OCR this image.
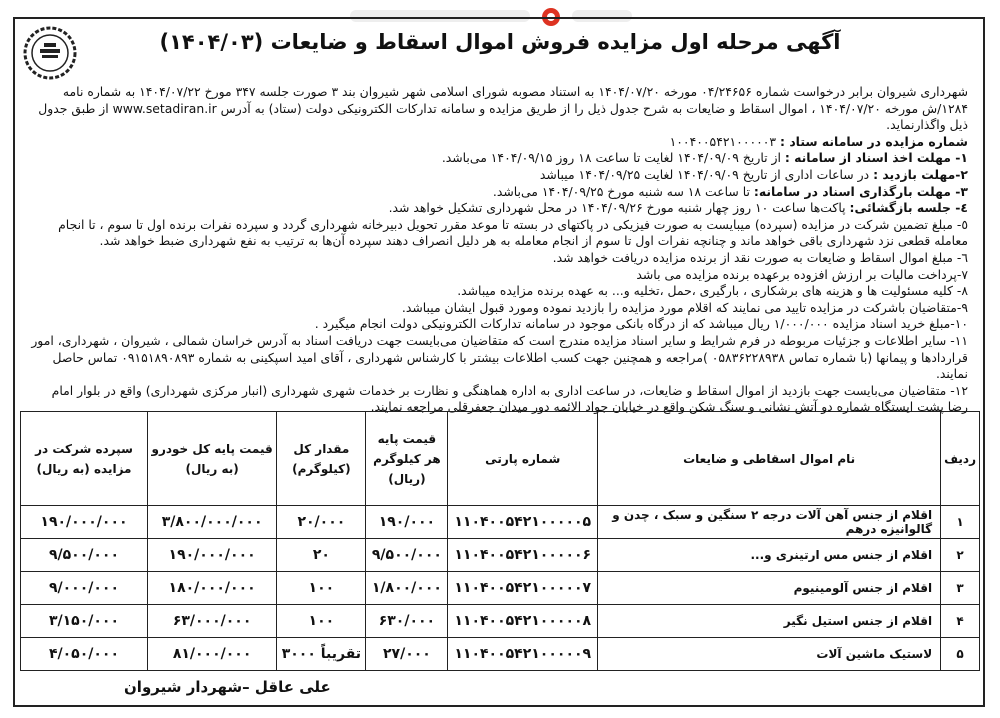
آگهی مرحله اول مزایده فروش اموال اسقاط و ضایعات (۱۴۰۴/۰۳)

شهرداری شیروان برابر درخواست شماره ۰۴/۲۴۶۵۶ مورخه ۱۴۰۴/۰۷/۲۰ به استناد مصوبه شورای اسلامی شهر شیروان بند ۳ صورت جلسه ۳۴۷ مورخ ۱۴۰۴/۰۷/۲۲ به شماره نامه ۱۲۸۴/ش مورخه ۱۴۰۴/۰۷/۲۰ ، اموال اسقاط و ضایعات به شرح جدول ذیل را از طریق مزایده و سامانه تدارکات الکترونیکی دولت (ستاد) به آدرس www.setadiran.ir از طبق جدول ذیل واگذارنماید.

شماره مزایده در سامانه ستاد : ۱۰۰۴۰۰۵۴۲۱۰۰۰۰۰۳

۱- مهلت اخذ اسناد از سامانه : از تاریخ ۱۴۰۴/۰۹/۰۹ لغایت تا ساعت ۱۸ روز ۱۴۰۴/۰۹/۱۵ می‌باشد.

۲-مهلت بازدید : در ساعات اداری از تاریخ ۱۴۰۴/۰۹/۰۹ لغایت ۱۴۰۴/۰۹/۲۵ میباشد

۳- مهلت بارگذاری اسناد در سامانه: تا ساعت ۱۸ سه شنبه مورخ ۱۴۰۴/۰۹/۲۵ می‌باشد.

٤- جلسه بازگشائی: پاکت‌ها ساعت ۱۰ روز چهار شنبه مورخ ۱۴۰۴/۰۹/۲۶ در محل شهرداری تشکیل خواهد شد.

٥- مبلغ تضمین شرکت در مزایده (سپرده) میبایست به صورت فیزیکی در پاکتهای در بسته تا موعد مقرر تحویل دبیرخانه شهرداری گردد و سپرده نفرات برنده اول تا سوم ، تا انجام معامله قطعی نزد شهرداری باقی خواهد ماند و چنانچه نفرات اول تا سوم از انجام معامله به هر دلیل انصراف دهند سپرده آن‌ها به ترتیب به نفع شهرداری ضبط خواهد شد.

٦- مبلغ اموال اسقاط و ضایعات به صورت نقد از برنده مزایده دریافت خواهد شد.

٧-پرداخت مالیات بر ارزش افزوده برعهده برنده مزایده می باشد

٨- کلیه مسئولیت ها و هزینه های برشکاری ، بارگیری ،حمل ،تخلیه و... به عهده برنده مزایده میباشد.

٩-متقاضیان باشرکت در مزایده تایید می نمایند که اقلام مورد مزایده را بازدید نموده ومورد قبول ایشان میباشد.

١٠-مبلغ خرید اسناد مزایده ۱/۰۰۰/۰۰۰ ریال میباشد که از درگاه بانکی موجود در سامانه تدارکات الکترونیکی دولت انجام میگیرد .

١١- سایر اطلاعات و جزئیات مربوطه در فرم شرایط و سایر اسناد مزایده مندرج است که متقاضیان می‌بایست جهت دریافت اسناد به آدرس خراسان شمالی ، شیروان ، شهرداری، امور قراردادها و پیمانها (با شماره تماس ۰۵۸۳۶۲۲۸۹۳۸ )مراجعه و همچنین جهت کسب اطلاعات بیشتر با کارشناس شهرداری ، آقای امید اسپکینی به شماره ۰۹۱۵۱۸۹۰۸۹۳ تماس حاصل نمایند.

١٢- متقاضیان می‌بایست جهت بازدید از اموال اسقاط و ضایعات، در ساعت اداری به اداره هماهنگی و نظارت بر خدمات شهری شهرداری (انبار مرکزی شهرداری) واقع در بلوار امام رضا پشت ایستگاه شماره دو آتش نشانی و سنگ شکن واقع در خیابان جواد الائمه دور میدان جعفرقلی مراجعه نمایند.

ردیف	نام اموال اسقاطی و ضایعات	شماره پارتی	قیمت پایه هر کیلوگرم (ریال)	مقدار کل (کیلوگرم)	قیمت پایه کل خودرو (به ریال)	سپرده شرکت در مزایده (به ریال)
۱	اقلام از جنس آهن آلات درجه ۲ سنگین و سبک ، چدن و گالوانیزه درهم	۱۱۰۴۰۰۵۴۲۱۰۰۰۰۰۵	۱۹۰/۰۰۰	۲۰/۰۰۰	۳/۸۰۰/۰۰۰/۰۰۰	۱۹۰/۰۰۰/۰۰۰
۲	اقلام از جنس مس ارتینری و...	۱۱۰۴۰۰۵۴۲۱۰۰۰۰۰۶	۹/۵۰۰/۰۰۰	۲۰	۱۹۰/۰۰۰/۰۰۰	۹/۵۰۰/۰۰۰
۳	اقلام از جنس آلومینیوم	۱۱۰۴۰۰۵۴۲۱۰۰۰۰۰۷	۱/۸۰۰/۰۰۰	۱۰۰	۱۸۰/۰۰۰/۰۰۰	۹/۰۰۰/۰۰۰
۴	اقلام از جنس استیل نگیر	۱۱۰۴۰۰۵۴۲۱۰۰۰۰۰۸	۶۳۰/۰۰۰	۱۰۰	۶۳/۰۰۰/۰۰۰	۳/۱۵۰/۰۰۰
۵	لاستیک ماشین آلات	۱۱۰۴۰۰۵۴۲۱۰۰۰۰۰۹	۲۷/۰۰۰	تقریباً ۳۰۰۰	۸۱/۰۰۰/۰۰۰	۴/۰۵۰/۰۰۰
علی عاقل –شهردار شیروان
